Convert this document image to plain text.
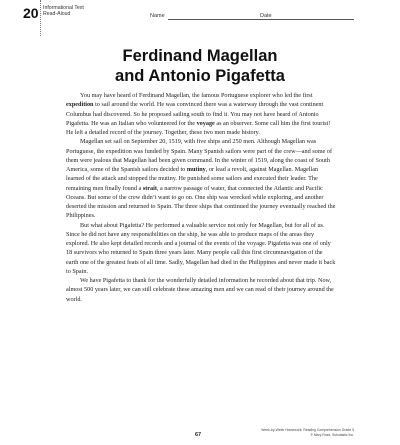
20 Informational Text
Read-Aloud	Name	Date
Ferdinand Magellan
and Antonio Pigafetta

You may have heard of Ferdinand Magellan, the famous Portuguese explorer who led the first expedition to sail around the world. He was convinced there was a waterway through the vast continent Columbus had discovered. So he proposed sailing south to find it. You may not have heard of Antonio Pigafetta. He was an Italian who volunteered for the voyage as an observer. Some call him the first tourist! He left a detailed record of the journey. Together, these two men made history.

Magellan set sail on September 20, 1519, with five ships and 250 men. Although Magellan was Portuguese, the expedition was funded by Spain. Many Spanish sailors were part of the crew—and some of them were jealous that Magellan had been given command. In the winter of 1519, along the coast of South America, some of the Spanish sailors decided to mutiny, or lead a revolt, against Magellan. Magellan learned of the attack and stopped the mutiny. He punished some sailors and executed their leader. The remaining men finally found a strait, a narrow passage of water, that connected the Atlantic and Pacific Oceans. But some of the crew didn’t want to go on. One ship was wrecked while exploring, and another deserted the mission and returned to Spain. The three ships that continued the journey eventually reached the Philippines.

But what about Pigafetta? He performed a valuable service not only for Magellan, but for all of us. Since he did not have any responsibilities on the ship, he was able to produce maps of the areas they explored. He also kept detailed records and a journal of the events of the voyage. Pigafetta was one of only 18 survivors who returned to Spain three years later. Many people call this first circumnavigation of the earth one of the greatest feats of all time. Sadly, Magellan had died in the Philippines and never made it back to Spain.

We have Pigafetta to thank for the wonderfully detailed information he recorded about that trip. Now, almost 500 years later, we can still celebrate these amazing men and we can read of their journey around the world.

67
Week-by-Week Homework: Reading Comprehension Grade 5
© Mary Rose, Scholastic Inc.
